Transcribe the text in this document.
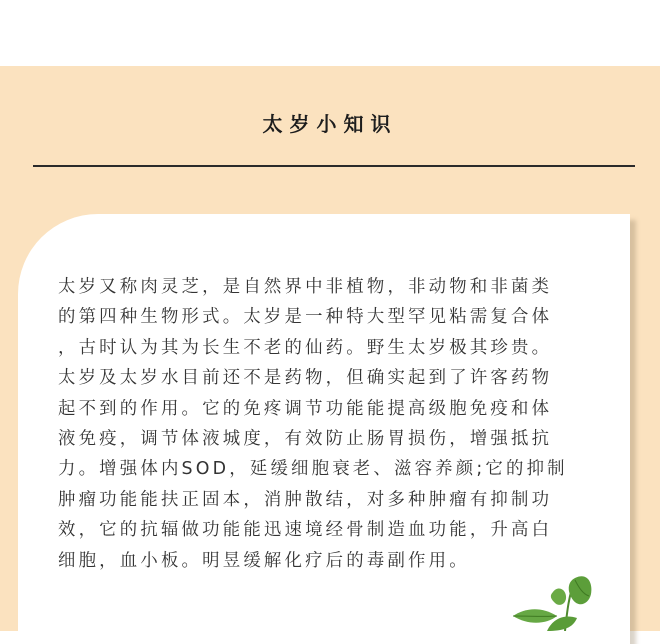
太岁小知识

太岁又称肉灵芝，是自然界中非植物，非动物和非菌类
的第四种生物形式。太岁是一种特大型罕见粘需复合体
，古时认为其为长生不老的仙药。野生太岁极其珍贵。
太岁及太岁水目前还不是药物，但确实起到了许客药物
起不到的作用。它的免疼调节功能能提高级胞免疫和体
液免疫，调节体液城度，有效防止肠胃损伤，增强抵抗
力。增强体内SOD，延缓细胞衰老、滋容养颜;它的抑制
肿瘤功能能扶正固本，消肿散结，对多种肿瘤有抑制功
效，它的抗辐做功能能迅速境经骨制造血功能，升高白
细胞，血小板。明昱缓解化疗后的毒副作用。
